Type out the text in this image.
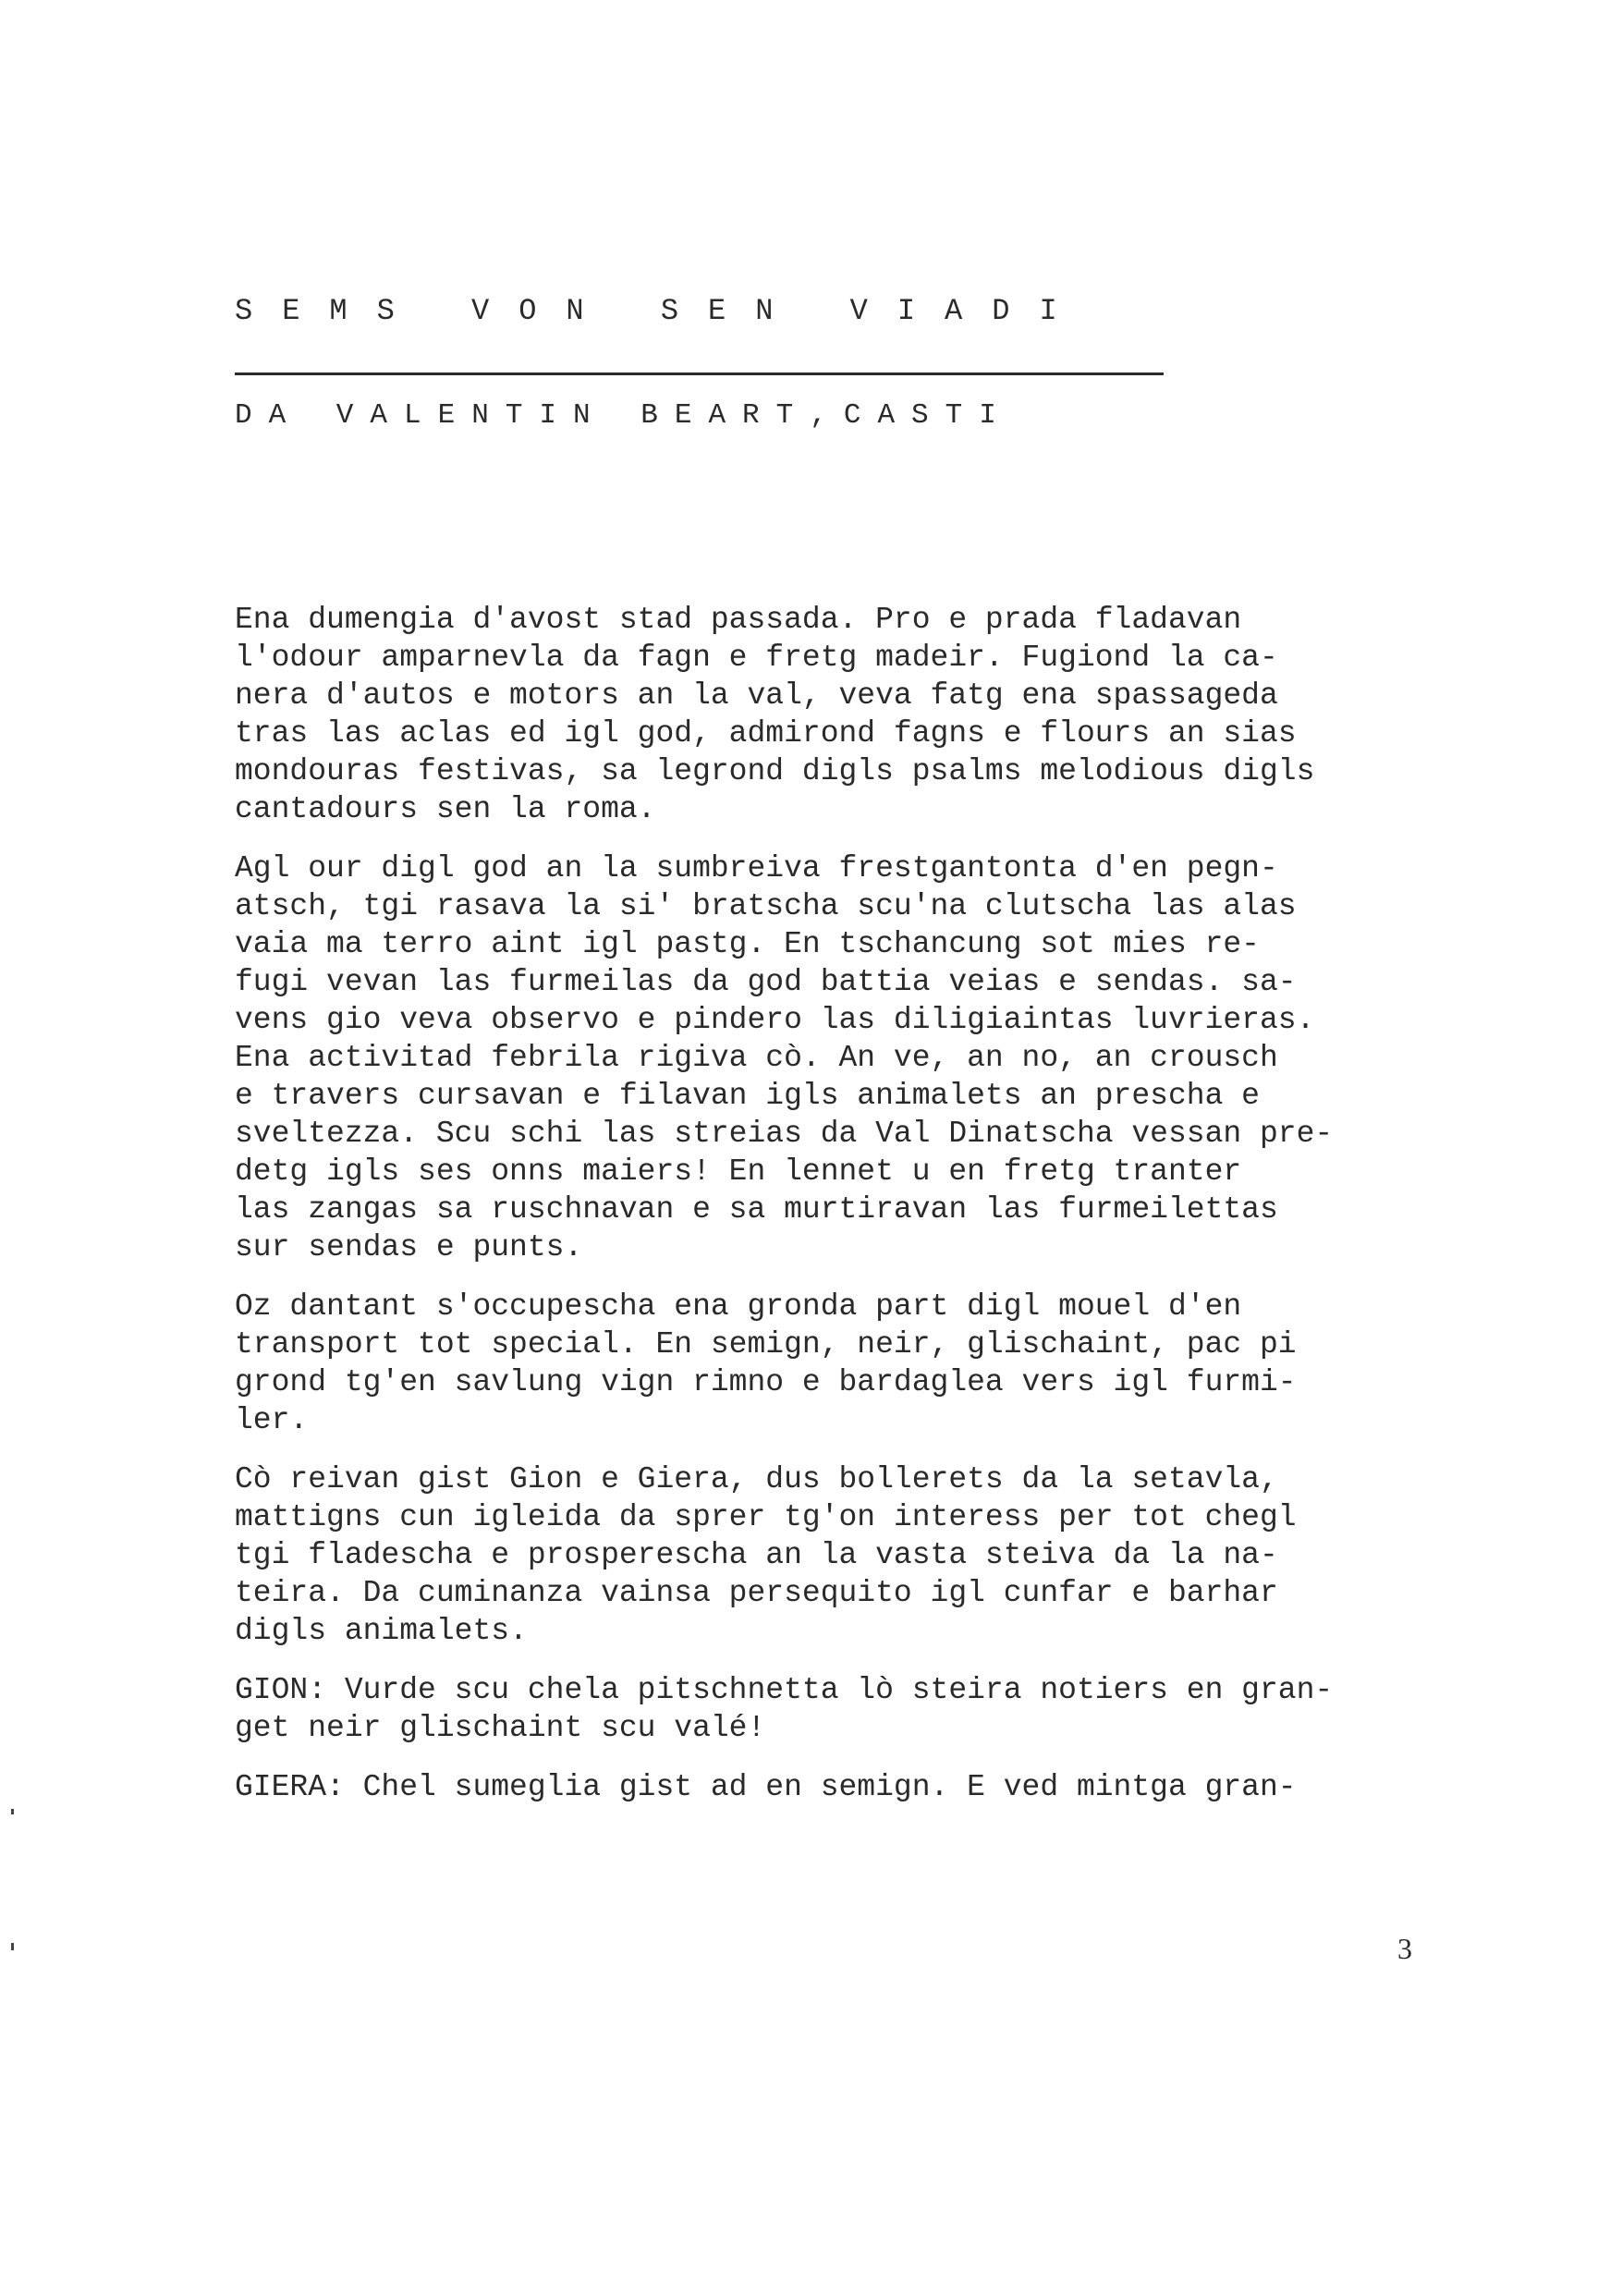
SEMS VON SEN VIADI
DA VALENTIN BEART,CASTI

Ena dumengia d'avost stad passada. Pro e prada fladavan
l'odour amparnevla da fagn e fretg madeir. Fugiond la ca-
nera d'autos e motors an la val, veva fatg ena spassageda
tras las aclas ed igl god, admirond fagns e flours an sias
mondouras festivas, sa legrond digls psalms melodious digls
cantadours sen la roma.

Agl our digl god an la sumbreiva frestgantonta d'en pegn-
atsch, tgi rasava la si' bratscha scu'na clutscha las alas
vaia ma terro aint igl pastg. En tschancung sot mies re-
fugi vevan las furmeilas da god battia veias e sendas. sa-
vens gio veva observo e pindero las diligiaintas luvrieras.
Ena activitad febrila rigiva cò. An ve, an no, an crousch
e travers cursavan e filavan igls animalets an prescha e
sveltezza. Scu schi las streias da Val Dinatscha vessan pre-
detg igls ses onns maiers! En lennet u en fretg tranter
las zangas sa ruschnavan e sa murtiravan las furmeilettas
sur sendas e punts.

Oz dantant s'occupescha ena gronda part digl mouel d'en
transport tot special. En semign, neir, glischaint, pac pi
grond tg'en savlung vign rimno e bardaglea vers igl furmi-
ler.

Cò reivan gist Gion e Giera, dus bollerets da la setavla,
mattigns cun igleida da sprer tg'on interess per tot chegl
tgi fladescha e prosperescha an la vasta steiva da la na-
teira. Da cuminanza vainsa persequito igl cunfar e barhar
digls animalets.

GION: Vurde scu chela pitschnetta lò steira notiers en gran-
get neir glischaint scu valé!

GIERA: Chel sumeglia gist ad en semign. E ved mintga gran-

3
